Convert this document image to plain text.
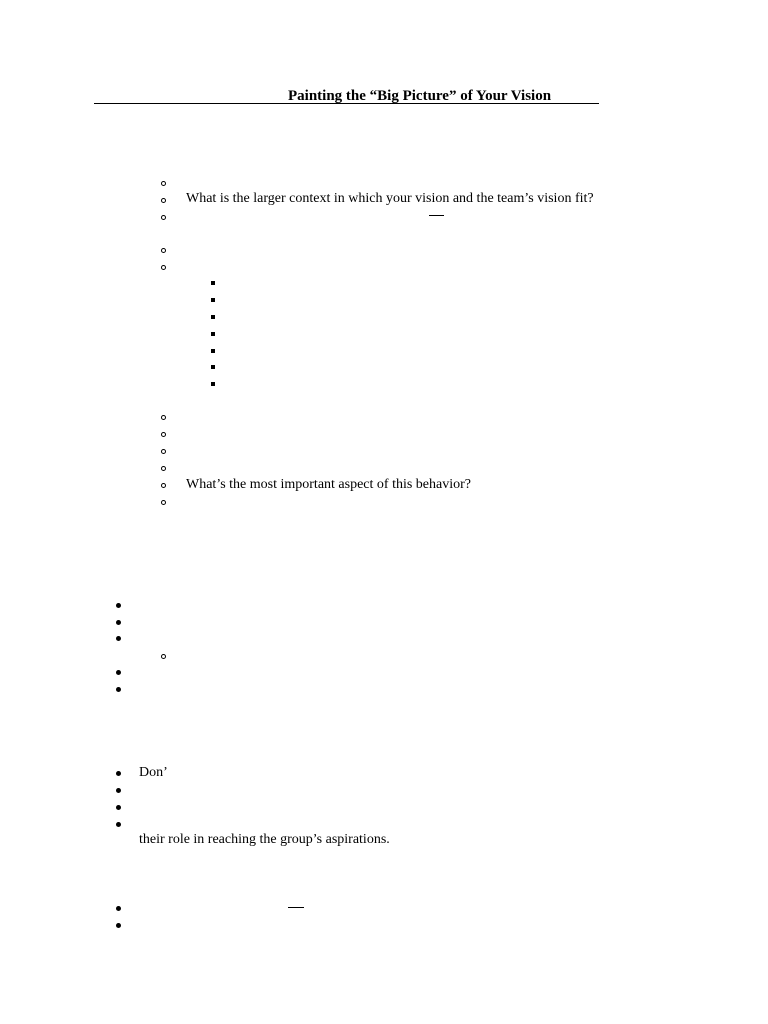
Painting the “Big Picture” of Your Vision
What is the larger context in which your vision and the team’s vision fit?
What’s the most important aspect of this behavior?
Don’
their role in reaching the group’s aspirations.
